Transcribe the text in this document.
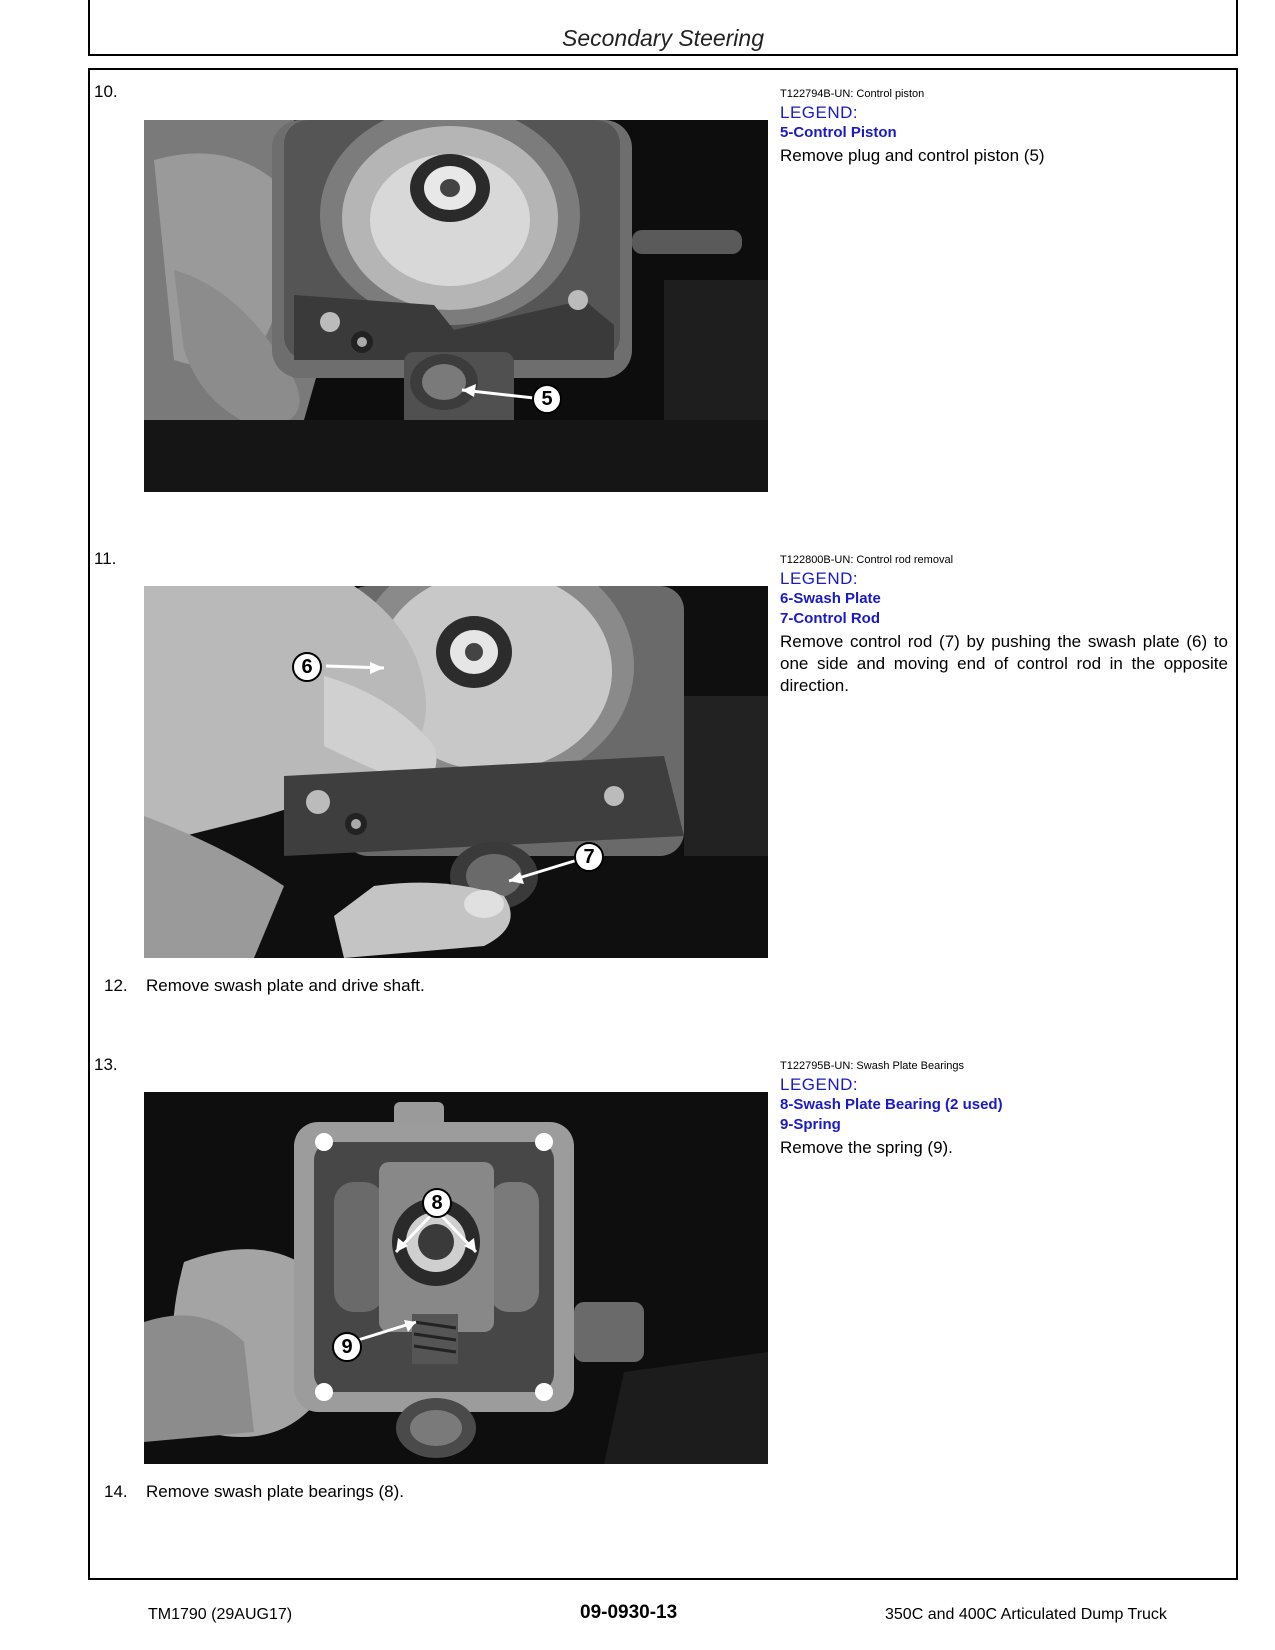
Secondary Steering
10.
5
T122794B-UN: Control piston
LEGEND:
5-Control Piston
Remove plug and control piston (5)
11.
6
7
T122800B-UN: Control rod removal
LEGEND:
6-Swash Plate
7-Control Rod
Remove control rod (7) by pushing the swash plate (6) to one side and moving end of control rod in the opposite direction.
12. Remove swash plate and drive shaft.
13.
8
9
T122795B-UN: Swash Plate Bearings
LEGEND:
8-Swash Plate Bearing (2 used)
9-Spring
Remove the spring (9).
14. Remove swash plate bearings (8).
TM1790 (29AUG17)	09-0930-13	350C and 400C Articulated Dump Truck
